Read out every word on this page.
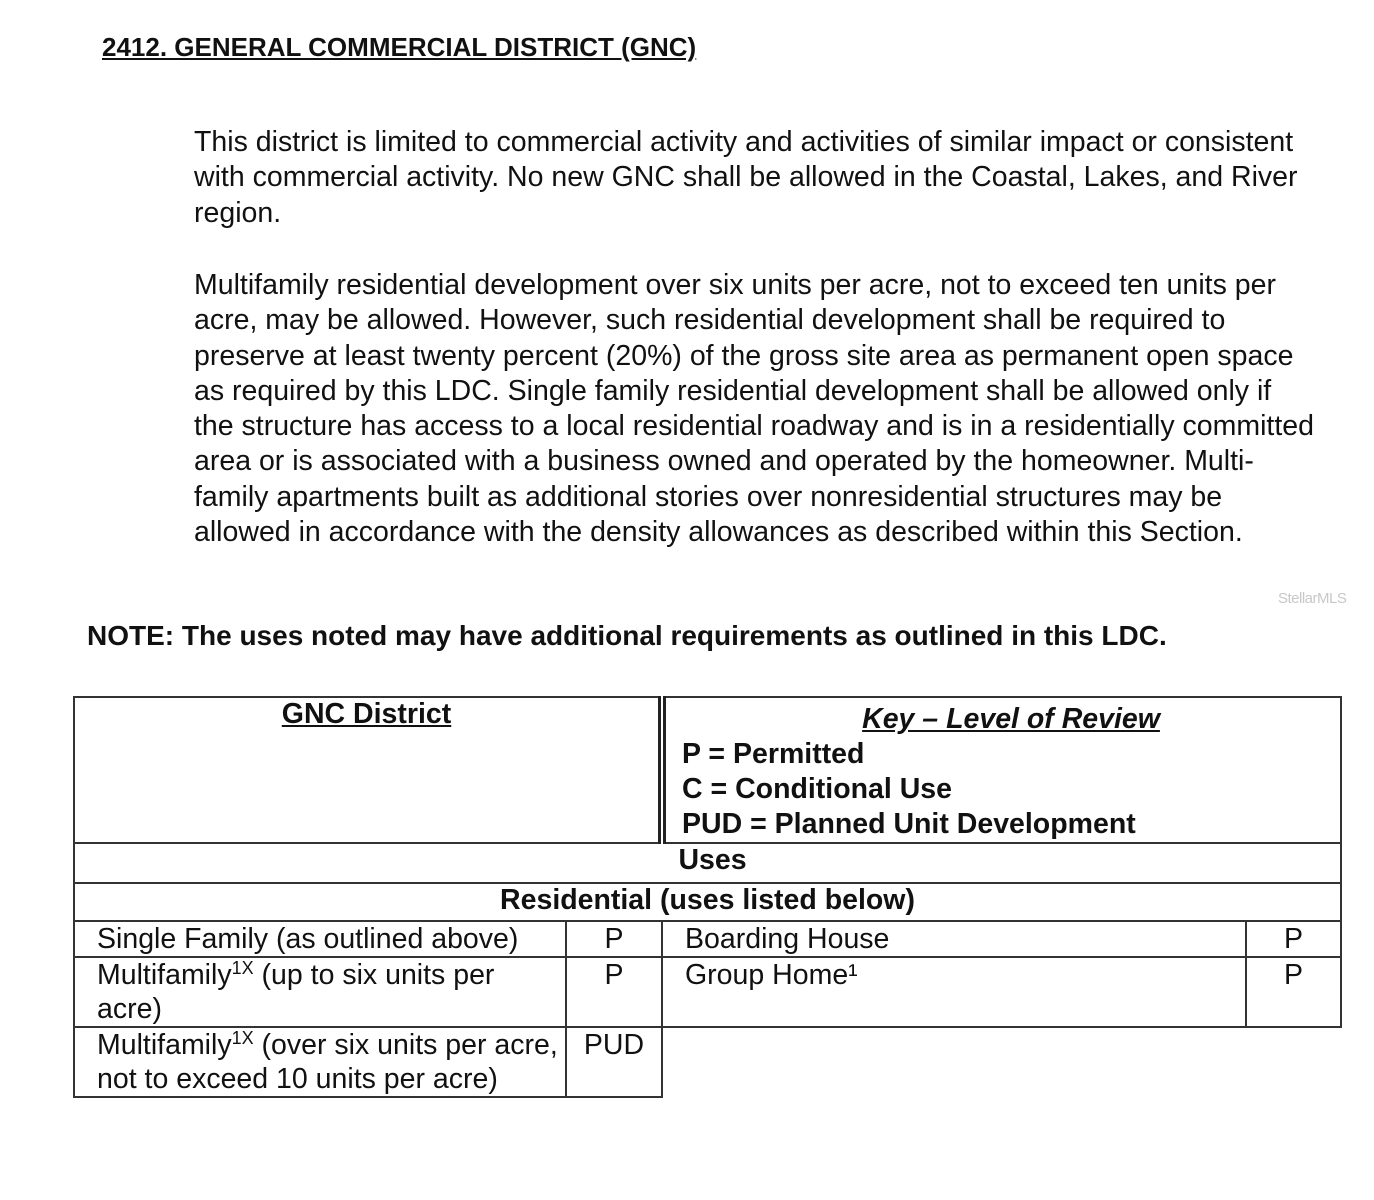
2412. GENERAL COMMERCIAL DISTRICT (GNC)

This district is limited to commercial activity and activities of similar impact or consistent with commercial activity. No new GNC shall be allowed in the Coastal, Lakes, and River region.

Multifamily residential development over six units per acre, not to exceed ten units per acre, may be allowed. However, such residential development shall be required to preserve at least twenty percent (20%) of the gross site area as permanent open space as required by this LDC. Single family residential development shall be allowed only if the structure has access to a local residential roadway and is in a residentially committed area or is associated with a business owned and operated by the homeowner. Multi-family apartments built as additional stories over nonresidential structures may be allowed in accordance with the density allowances as described within this Section.

StellarMLS

NOTE: The uses noted may have additional requirements as outlined in this LDC.

GNC District		Key – Level of Review
P = Permitted
C = Conditional Use
PUD = Planned Unit Development	

Uses			
Residential (uses listed below)			
Single Family (as outlined above)	P	Boarding House	P
Multifamily$^{1X}$ (up to six units per acre)	P	Group Home¹	P
Multifamily$^{1X}$ (over six units per acre, not to exceed 10 units per acre)	PUD		
